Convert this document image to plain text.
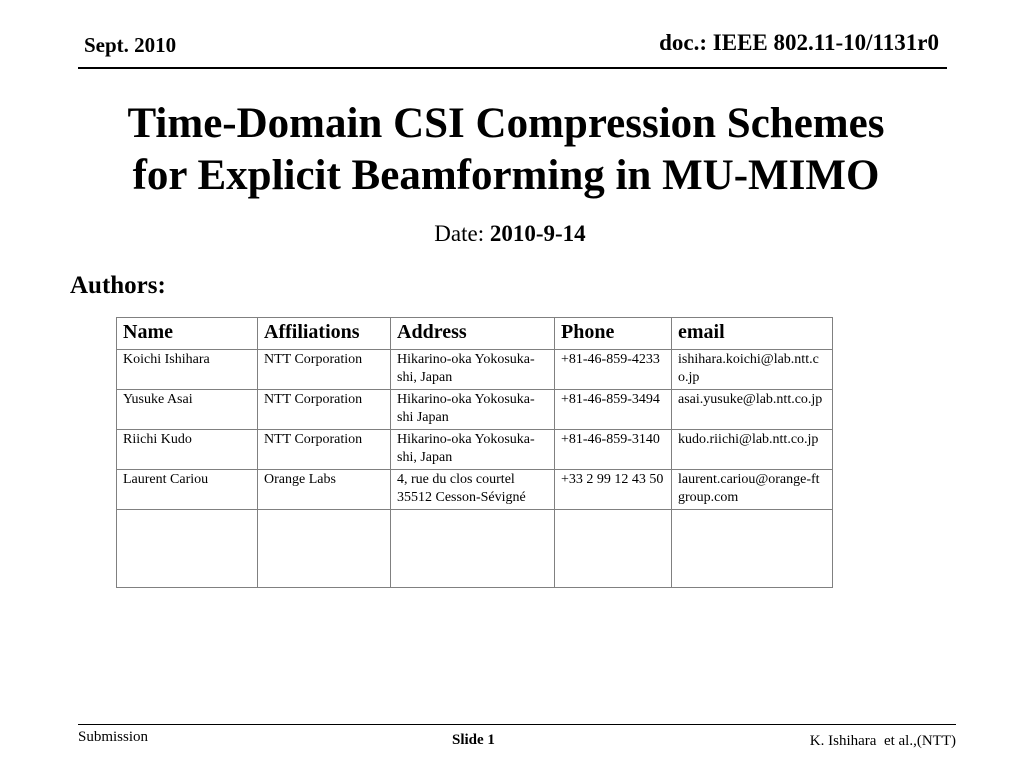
Sept. 2010	doc.: IEEE 802.11-10/1131r0
Time-Domain CSI Compression Schemes
for Explicit Beamforming in MU-MIMO
Date: 2010-9-14
Authors:
Name	Affiliations	Address	Phone	email
Koichi Ishihara	NTT Corporation	Hikarino-oka Yokosuka-shi, Japan	+81-46-859-4233	ishihara.koichi@lab.ntt.co.jp
Yusuke Asai	NTT Corporation	Hikarino-oka Yokosuka-shi Japan	+81-46-859-3494	asai.yusuke@lab.ntt.co.jp
Riichi Kudo	NTT Corporation	Hikarino-oka Yokosuka-shi, Japan	+81-46-859-3140	kudo.riichi@lab.ntt.co.jp
Laurent Cariou	Orange Labs	4, rue du clos courtel 35512 Cesson-Sévigné	+33 2 99 12 43 50	laurent.cariou@orange-ftgroup.com

Submission	Slide 1	K. Ishihara  et al.,(NTT)
